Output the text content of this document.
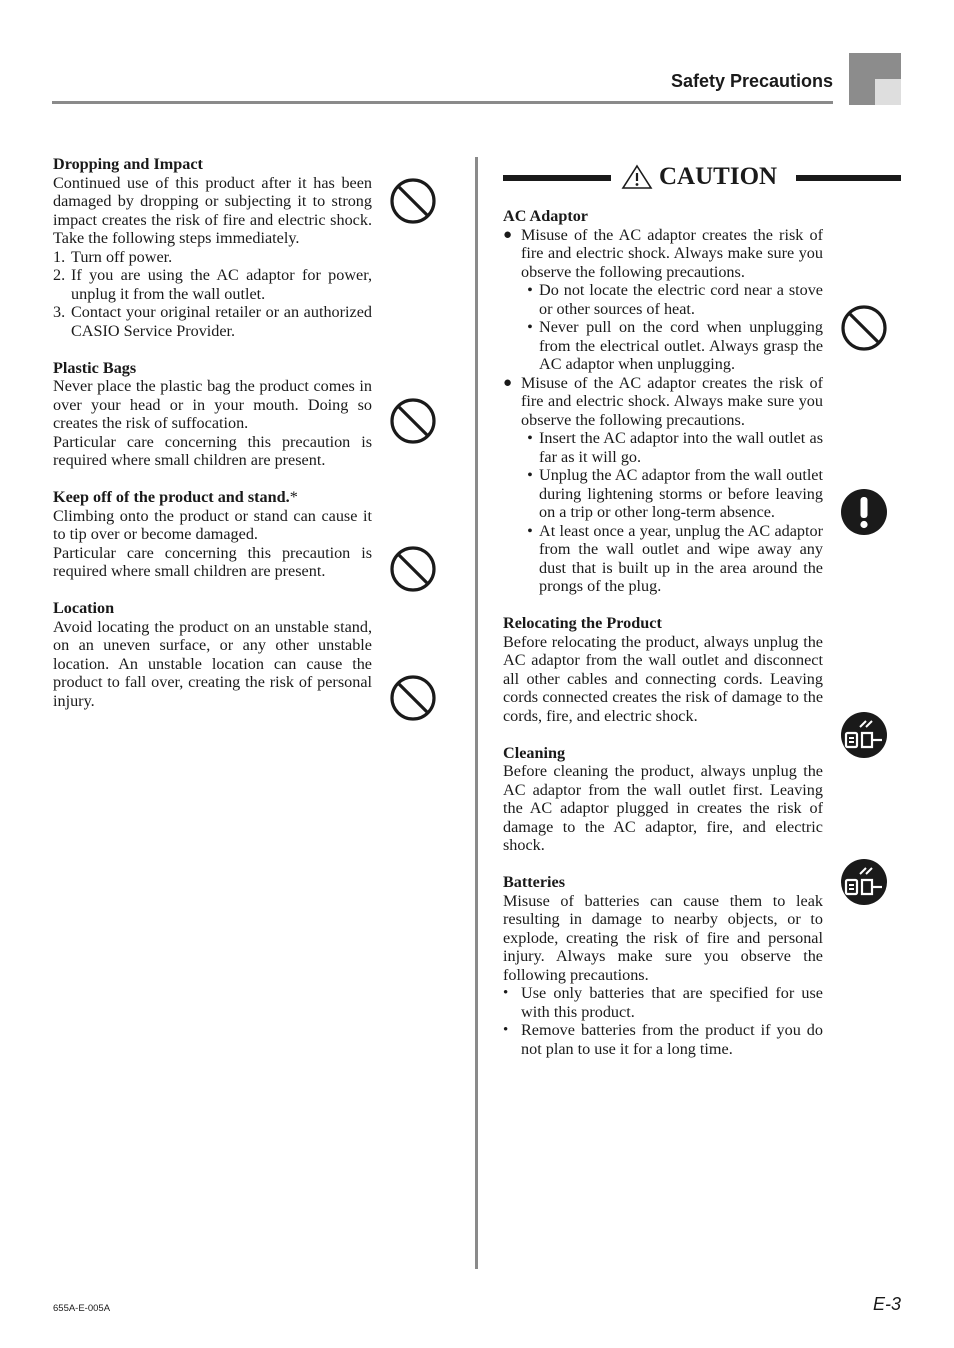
Safety Precautions

Dropping and Impact

Continued use of this product after it has been damaged by dropping or subjecting it to strong impact creates the risk of fire and electric shock. Take the following steps immediately.

1. Turn off power.
2. If you are using the AC adaptor for power, unplug it from the wall outlet.
3. Contact your original retailer or an authorized CASIO Service Provider.

Plastic Bags

Never place the plastic bag the product comes in over your head or in your mouth. Doing so creates the risk of suffocation.

Particular care concerning this precaution is required where small children are present.

Keep off of the product and stand.*

Climbing onto the product or stand can cause it to tip over or become damaged.

Particular care concerning this precaution is required where small children are present.

Location

Avoid locating the product on an unstable stand, on an uneven surface, or any other unstable location. An unstable location can cause the product to fall over, creating the risk of personal injury.

CAUTION

AC Adaptor

● Misuse of the AC adaptor creates the risk of fire and electric shock. Always make sure you observe the following precautions.
• Do not locate the electric cord near a stove or other sources of heat.
• Never pull on the cord when unplugging from the electrical outlet. Always grasp the AC adaptor when unplugging.
● Misuse of the AC adaptor creates the risk of fire and electric shock. Always make sure you observe the following precautions.
• Insert the AC adaptor into the wall outlet as far as it will go.
• Unplug the AC adaptor from the wall outlet during lightening storms or before leaving on a trip or other long-term absence.
• At least once a year, unplug the AC adaptor from the wall outlet and wipe away any dust that is built up in the area around the prongs of the plug.

Relocating the Product

Before relocating the product, always unplug the AC adaptor from the wall outlet and disconnect all other cables and connecting cords. Leaving cords connected creates the risk of damage to the cords, fire, and electric shock.

Cleaning

Before cleaning the product, always unplug the AC adaptor from the wall outlet first. Leaving the AC adaptor plugged in creates the risk of damage to the AC adaptor, fire, and electric shock.

Batteries

Misuse of batteries can cause them to leak resulting in damage to nearby objects, or to explode, creating the risk of fire and personal injury. Always make sure you observe the following precautions.

• Use only batteries that are specified for use with this product.
• Remove batteries from the product if you do not plan to use it for a long time.
655A-E-005A	E-3
